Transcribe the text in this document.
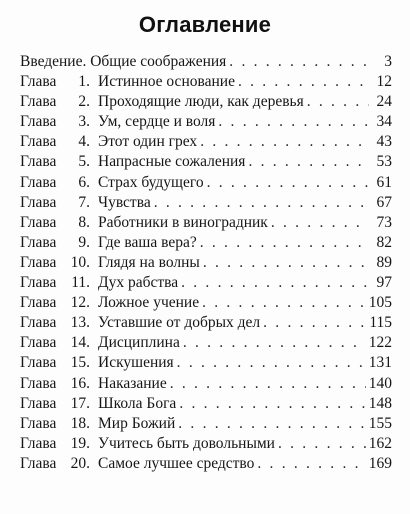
Оглавление
Введение. Общие соображения . . .	3
Глава	1. Истинное основание . . .	12
Глава	2. Проходящие люди, как деревья . . .	24
Глава	3. Ум, сердце и воля . . .	34
Глава	4. Этот один грех . . .	43
Глава	5. Напрасные сожаления . . .	53
Глава	6. Страх будущего . . .	61
Глава	7. Чувства . . .	67
Глава	8. Работники в виноградник . . .	73
Глава	9. Где ваша вера? . . .	82
Глава 10. Глядя на волны . . .	89
Глава 11. Дух рабства . . .	97
Глава 12. Ложное учение . . .	105
Глава 13. Уставшие от добрых дел . . .	115
Глава 14. Дисциплина . . .	122
Глава 15. Искушения . . .	131
Глава 16. Наказание . . .	140
Глава 17. Школа Бога . . .	148
Глава 18. Мир Божий . . .	155
Глава 19. Учитесь быть довольными . . .	162
Глава 20. Самое лучшее средство . . .	169
